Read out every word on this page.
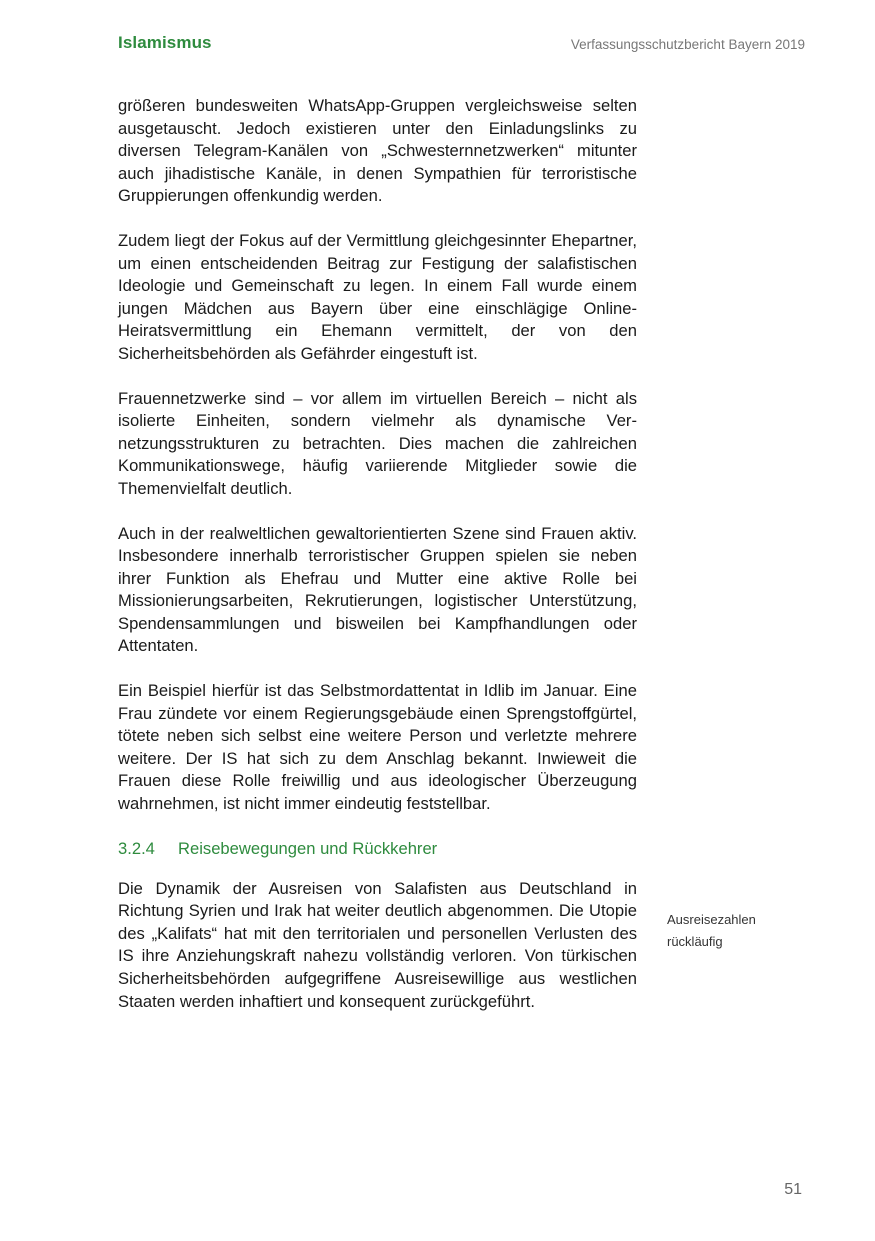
Islamismus	Verfassungsschutzbericht Bayern 2019

größeren bundesweiten WhatsApp-Gruppen vergleichsweise selten ausgetauscht. Jedoch existieren unter den Einladungslinks zu diversen Telegram-Kanälen von „Schwesternnetzwerken“ mitunter auch jihadistische Kanäle, in denen Sympathien für terroristische Gruppierungen offenkundig werden.

Zudem liegt der Fokus auf der Vermittlung gleichgesinnter Ehepartner, um einen entscheidenden Beitrag zur Festigung der salafistischen Ideologie und Gemeinschaft zu legen. In einem Fall wurde einem jungen Mädchen aus Bayern über eine einschlägige Online-Heiratsvermittlung ein Ehemann vermittelt, der von den Sicherheitsbehörden als Gefährder eingestuft ist.

Frauennetzwerke sind – vor allem im virtuellen Bereich – nicht als isolierte Einheiten, sondern vielmehr als dynamische Vernetzungsstrukturen zu betrachten. Dies machen die zahlreichen Kommunikationswege, häufig variierende Mitglieder sowie die Themenvielfalt deutlich.

Auch in der realweltlichen gewaltorientierten Szene sind Frauen aktiv. Insbesondere innerhalb terroristischer Gruppen spielen sie neben ihrer Funktion als Ehefrau und Mutter eine aktive Rolle bei Missionierungsarbeiten, Rekrutierungen, logistischer Unterstützung, Spendensammlungen und bisweilen bei Kampfhandlungen oder Attentaten.

Ein Beispiel hierfür ist das Selbstmordattentat in Idlib im Januar. Eine Frau zündete vor einem Regierungsgebäude einen Sprengstoffgürtel, tötete neben sich selbst eine weitere Person und verletzte mehrere weitere. Der IS hat sich zu dem Anschlag bekannt. Inwieweit die Frauen diese Rolle freiwillig und aus ideologischer Überzeugung wahrnehmen, ist nicht immer eindeutig feststellbar.

3.2.4 Reisebewegungen und Rückkehrer

Die Dynamik der Ausreisen von Salafisten aus Deutschland in Richtung Syrien und Irak hat weiter deutlich abgenommen. Die Utopie des „Kalifats“ hat mit den territorialen und personellen Verlusten des IS ihre Anziehungskraft nahezu vollständig verloren. Von türkischen Sicherheitsbehörden aufgegriffene Ausreisewillige aus westlichen Staaten werden inhaftiert und konsequent zurückgeführt.

Ausreisezahlen
rückläufig
51
